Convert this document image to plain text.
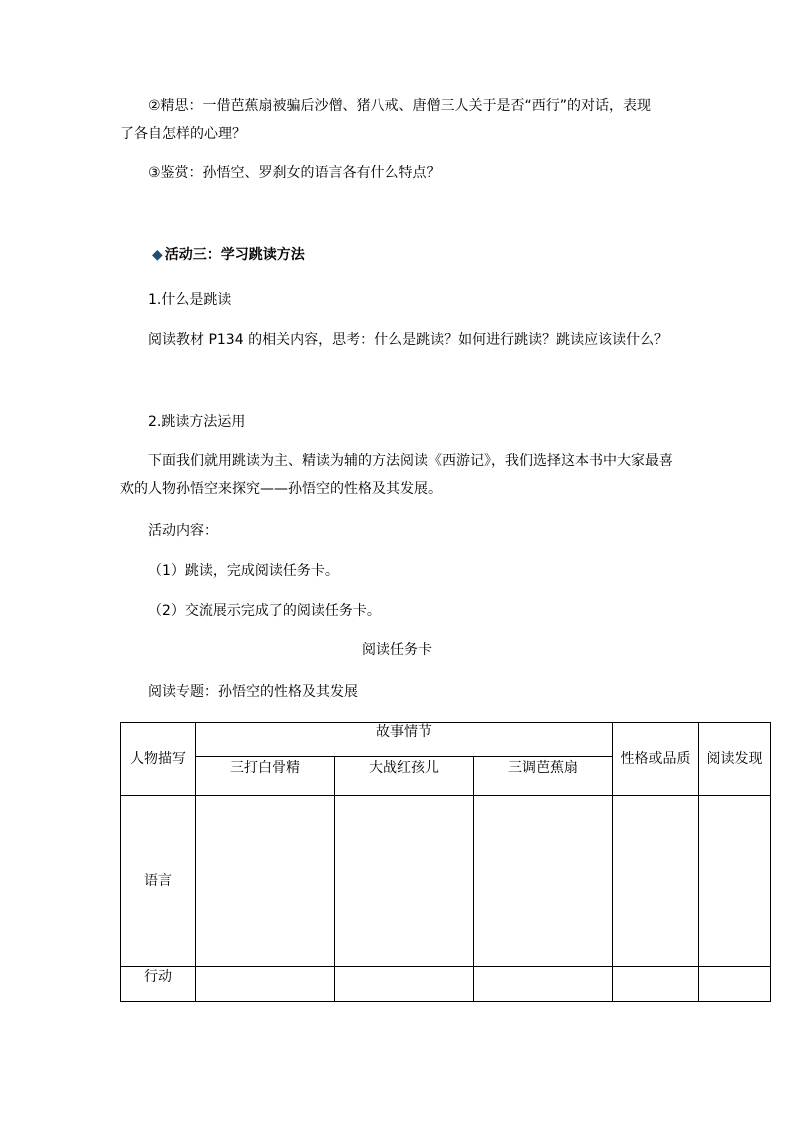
②精思：一借芭蕉扇被骗后沙僧、猪八戒、唐僧三人关于是否“西行”的对话，表现
了各自怎样的心理？
③鉴赏：孙悟空、罗刹女的语言各有什么特点？
◆ 活动三：学习跳读方法
1.什么是跳读
阅读教材 P134 的相关内容，思考：什么是跳读？如何进行跳读？跳读应该读什么？
2.跳读方法运用
下面我们就用跳读为主、精读为辅的方法阅读《西游记》，我们选择这本书中大家最喜
欢的人物孙悟空来探究——孙悟空的性格及其发展。
活动内容：
（1）跳读，完成阅读任务卡。
（2）交流展示完成了的阅读任务卡。
阅读任务卡
阅读专题：孙悟空的性格及其发展
人物描写	故事情节			性格或品质	阅读发现
	三打白骨精	大战红孩儿	三调芭蕉扇		
语言					
行动					
